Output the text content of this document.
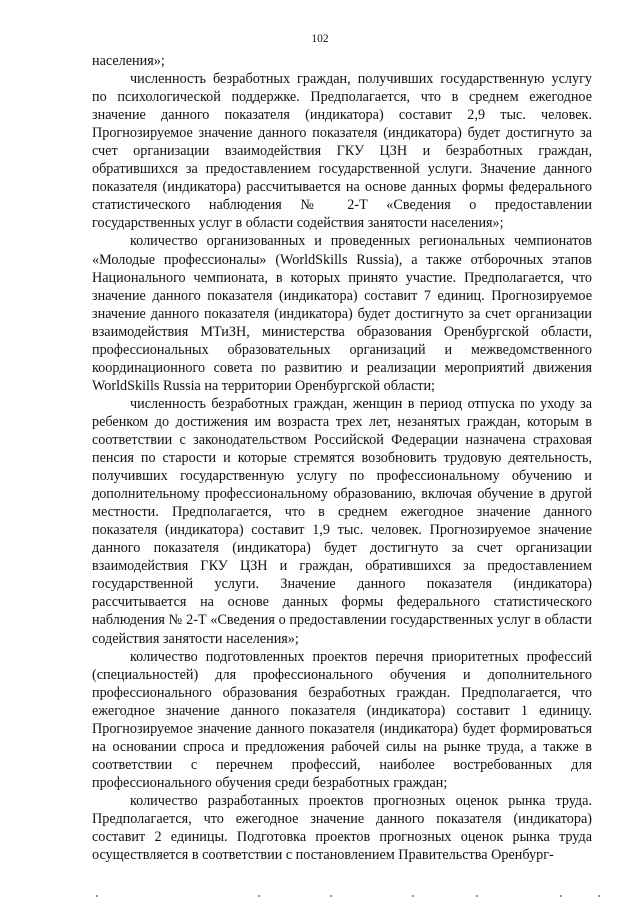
102

населения»;

численность безработных граждан, получивших государственную услугу по психологической поддержке. Предполагается, что в среднем ежегодное значение данного показателя (индикатора) составит 2,9 тыс. человек. Прогнозируемое значение данного показателя (индикатора) будет достигнуто за счет организации взаимодействия ГКУ ЦЗН и безработных граждан, обратившихся за предоставлением государственной услуги. Значение данного показателя (индикатора) рассчитывается на основе данных формы федерального статистического наблюдения № 2-Т «Сведения о предоставлении государственных услуг в области содействия занятости населения»;

количество организованных и проведенных региональных чемпионатов «Молодые профессионалы» (WorldSkills Russia), а также отборочных этапов Национального чемпионата, в которых принято участие. Предполагается, что значение данного показателя (индикатора) составит 7 единиц. Прогнозируемое значение данного показателя (индикатора) будет достигнуто за счет организации взаимодействия МТиЗН, министерства образования Оренбургской области, профессиональных образовательных организаций и межведомственного координационного совета по развитию и реализации мероприятий движения WorldSkills Russia на территории Оренбургской области;

численность безработных граждан, женщин в период отпуска по уходу за ребенком до достижения им возраста трех лет, незанятых граждан, которым в соответствии с законодательством Российской Федерации назначена страховая пенсия по старости и которые стремятся возобновить трудовую деятельность, получивших государственную услугу по профессиональному обучению и дополнительному профессиональному образованию, включая обучение в другой местности. Предполагается, что в среднем ежегодное значение данного показателя (индикатора) составит 1,9 тыс. человек. Прогнозируемое значение данного показателя (индикатора) будет достигнуто за счет организации взаимодействия ГКУ ЦЗН и граждан, обратившихся за предоставлением государственной услуги. Значение данного показателя (индикатора) рассчитывается на основе данных формы федерального статистического наблюдения № 2-Т «Сведения о предоставлении государственных услуг в области содействия занятости населения»;

количество подготовленных проектов перечня приоритетных профессий (специальностей) для профессионального обучения и дополнительного профессионального образования безработных граждан. Предполагается, что ежегодное значение данного показателя (индикатора) составит 1 единицу. Прогнозируемое значение данного показателя (индикатора) будет формироваться на основании спроса и предложения рабочей силы на рынке труда, а также в соответствии с перечнем профессий, наиболее востребованных для профессионального обучения среди безработных граждан;

количество разработанных проектов прогнозных оценок рынка труда. Предполагается, что ежегодное значение данного показателя (индикатора) составит 2 единицы. Подготовка проектов прогнозных оценок рынка труда осуществляется в соответствии с постановлением Правительства Оренбург-
